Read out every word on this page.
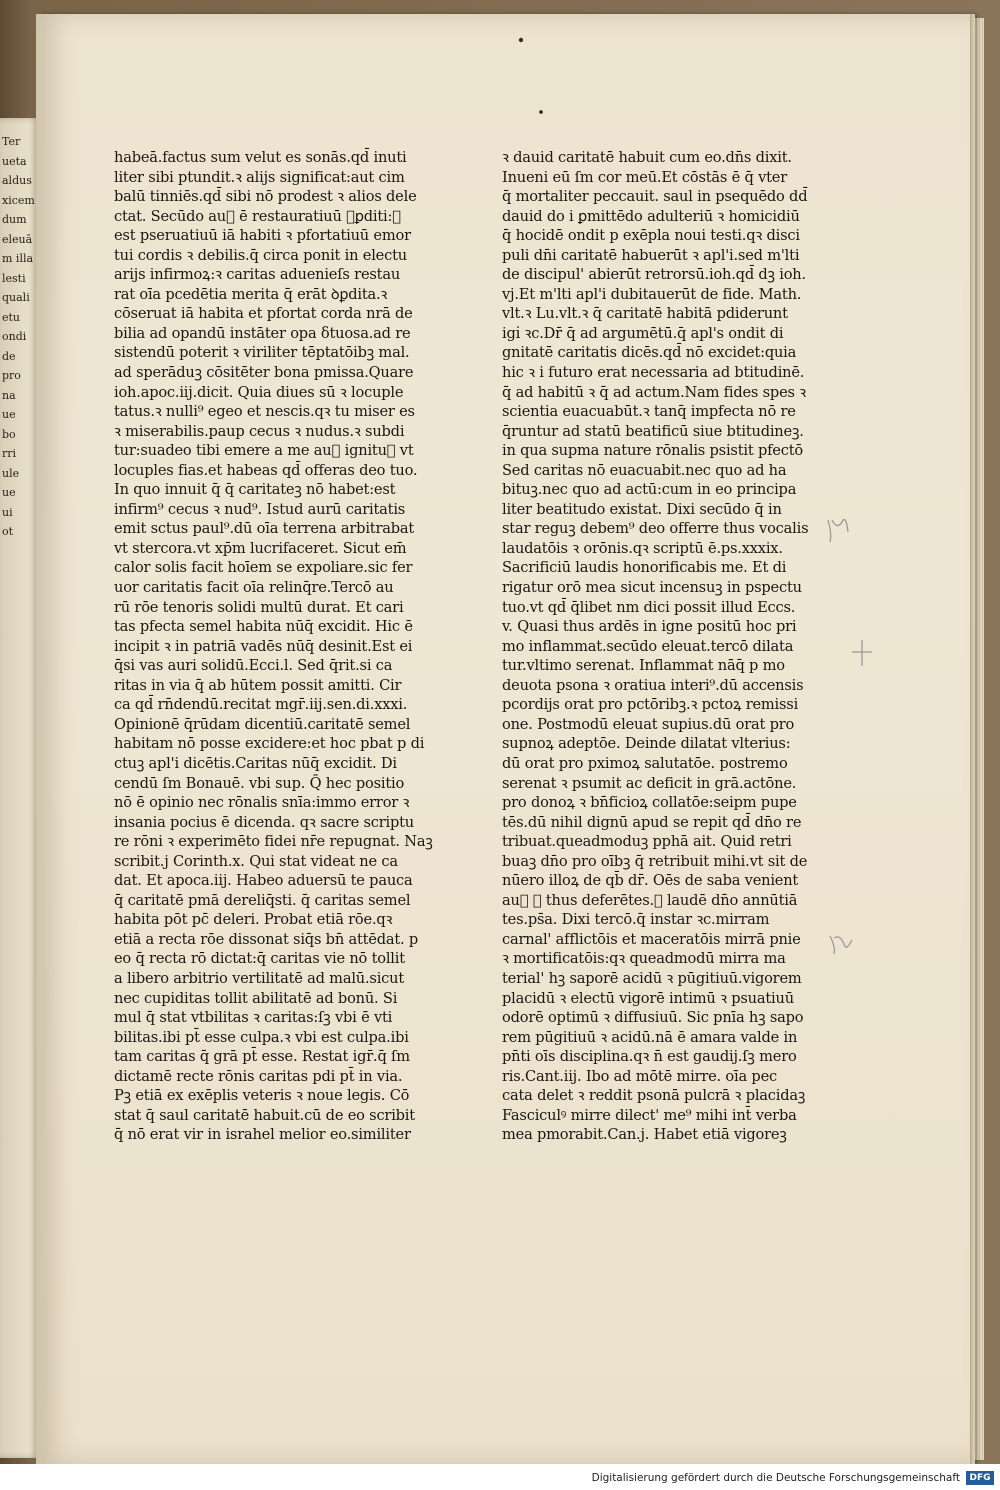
Ter
ueta
aldus
xicem
dum
eleuā
m illa
lesti
quali
etu
ondi
de
pro
na
ue
bo
rri
ule
ue
ui
ot
habeā.factus sum velut es sonās.qd̄ inuti
liter sibi ptundit.ꝛ alijs significat:aut cim
balū tinniēs.qd̄ sibi nō prodest ꝛ alios dele
ctat. Secūdo auᷓ ē restauratiuū ꝺꝑditi:ꝛ
est pseruatiuū iā habiti ꝛ pfortatiuū emor
tui cordis ꝛ debilis.q̄ circa ponit in electu
arijs infirmoꝝ:ꝛ caritas aduenieſs restau
rat oīa pcedētia merita q̄ erāt ꝺꝑdita.ꝛ
cōseruat iā habita et pfortat corda nrā de
bilia ad opandū instāter opa ẟtuosa.ad re
sistendū poterit ꝛ viriliter tēptatōibꝫ mal.
ad sperāduꝫ cōsitēter bona pmissa.Quare
ioh.apoc.iij.dicit. Quia diues sū ꝛ locuple
tatus.ꝛ nulli⁹ egeo et nescis.qꝛ tu miser es
ꝛ miserabilis.paup cecus ꝛ nudus.ꝛ subdi
tur:suadeo tibi emere a me auᷓ ignituꝫ vt
locuples fias.et habeas qd̄ offeras deo tuo.
In quo innuit q̄ q̄ caritateꝫ nō habet:est
infirm⁹ cecus ꝛ nud⁹. Istud aurū caritatis
emit sctus paul⁹.dū oīa terrena arbitrabat
vt stercora.vt xp̄m lucrifaceret. Sicut em̄
calor solis facit hoīem se expoliare.sic fer
uor caritatis facit oīa relinq̄re.Tercō au
rū rōe tenoris solidi multū durat. Et cari
tas pfecta semel habita nūq̄ excidit. Hic ē
incipit ꝛ in patriā vadēs nūq̄ desinit.Est ei
q̄si vas auri solidū.Ecci.l. Sed q̄rit.si ca
ritas in via q̄ ab hūtem possit amitti. Cir
ca qd̄ rn̄dendū.recitat mgr̄.iij.sen.di.xxxi.
Opinionē q̄rūdam dicentiū.caritatē semel
habitam nō posse excidere:et hoc pbat p di
ctuꝫ apl'i dicētis.Caritas nūq̄ excidit. Di
cendū ſm Bonauē. vbi sup. Q̄ hec positio
nō ē opinio nec rōnalis snīa:immo error ꝛ
insania pocius ē dicenda. qꝛ sacre scriptu
re rōni ꝛ experimēto fidei nr̄e repugnat. Naꝫ
scribit.j Corinth.x. Qui stat videat ne ca
dat. Et apoca.iij. Habeo aduersū te pauca
q̄ caritatē pmā dereliq̄sti. q̄ caritas semel
habita pōt pc̄ deleri. Probat etiā rōe.qꝛ
etiā a recta rōe dissonat siq̄s bn̄ attēdat. p
eo q̄ recta rō dictat:q̄ caritas vie nō tollit
a libero arbitrio vertilitatē ad malū.sicut
nec cupiditas tollit abilitatē ad bonū. Si
mul q̄ stat vtbilitas ꝛ caritas:ſꝫ vbi ē vti
bilitas.ibi pt̄ esse culpa.ꝛ vbi est culpa.ibi
tam caritas q̄ grā pt̄ esse. Restat igr̄.q̄ ſm
dictamē recte rōnis caritas pdi pt̄ in via.
Pꝫ etiā ex exēplis veteris ꝛ noue legis. Cō
stat q̄ saul caritatē habuit.cū de eo scribit
q̄ nō erat vir in israhel melior eo.similiter
ꝛ dauid caritatē habuit cum eo.dn̄s dixit.
Inueni eū ſm cor meū.Et cōstās ē q̄ vter
q̄ mortaliter peccauit. saul in psequēdo dd̄
dauid do i ꝑmittēdo adulteriū ꝛ homicidiū
q̄ hocidē ondit p exēpla noui testi.qꝛ disci
puli dn̄i caritatē habuerūt ꝛ apl'i.sed m'lti
de discipul' abierūt retrorsū.ioh.qd̄ dꝫ ioh.
vj.Et m'lti apl'i dubitauerūt de fide. Math.
vlt.ꝛ Lu.vlt.ꝛ q̄ caritatē habitā pdiderunt
igi̇ ꝛc.Dr̄ q̄ ad argumētū.q̄ apl's ondit di
gnitatē caritatis dicēs.qd̄ nō excidet:quia
hic ꝛ i futuro erat necessaria ad btitudinē.
q̄ ad habitū ꝛ q̄ ad actum.Nam fides spes ꝛ
scientia euacuabūt.ꝛ tanq̄ impfecta nō re
q̄runtur ad statū beatificū siue btitudineꝫ.
in qua supma nature rōnalis psistit pfectō
Sed caritas nō euacuabit.nec quo ad ha
bituꝫ.nec quo ad actū:cum in eo principa
liter beatitudo existat. Dixi secūdo q̄ in
star reguꝫ debem⁹ deo offerre thus vocalis
laudatōis ꝛ orōnis.qꝛ scriptū ē.ps.xxxix.
Sacrificiū laudis honorificabis me. Et di
rigatur orō mea sicut incensuꝫ in pspectu
tuo.vt qd̄ q̄libet nm dici possit illud Eccs.
v. Quasi thus ardēs in igne positū hoc pri
mo inflammat.secūdo eleuat.tercō dilata
tur.vltimo serenat. Inflammat nāq̄ p mo
deuota psona ꝛ oratiua interi⁹.dū accensis
pcordijs orat pro pctōribꝫ.ꝛ pctoꝝ remissi
one. Postmodū eleuat supius.dū orat pro
supnoꝝ adeptōe. Deinde dilatat vlterius:
dū orat pro pximoꝝ salutatōe. postremo
serenat ꝛ psumit ac deficit in grā.actōne.
pro donoꝝ ꝛ bn̄ficioꝝ collatōe:seipm pupe
tēs.dū nihil dignū apud se repit qd̄ dn̄o re
tribuat.queadmoduꝫ pphā ait. Quid retri
buaꝫ dn̄o pro oībꝫ q̄ retribuit mihi.vt sit de
nūero illoꝝ de qb̄ dr̄. Oēs de saba venient
auᷓ ꝛ thus deferētes.ꝛ laudē dn̄o annūtiā
tes.ps̄a. Dixi tercō.q̄ instar ꝛc.mirram
carnal' afflictōis et maceratōis mirrā pnie
ꝛ mortificatōis:qꝛ queadmodū mirra ma
terial' hꝫ saporē acidū ꝛ pūgitiuū.vigorem
placidū ꝛ electū vigorē intimū ꝛ psuatiuū
odorē optimū ꝛ diffusiuū. Sic pnīa hꝫ sapo
rem pūgitiuū ꝛ acidū.nā ē amara valde in
pn̄ti oīs disciplina.qꝛ n̄ est gaudij.ſꝫ mero
ris.Cant.iij. Ibo ad mōtē mirre. oīa pec
cata delet ꝛ reddit psonā pulcrā ꝛ placidaꝫ
Fasciculꝰ mirre dilect' me⁹ mihi int̄ verba
mea pmorabit.Can.j. Habet etiā vigoreꝫ
Digitalisierung gefördert durch die Deutsche Forschungsgemeinschaft	DFG
